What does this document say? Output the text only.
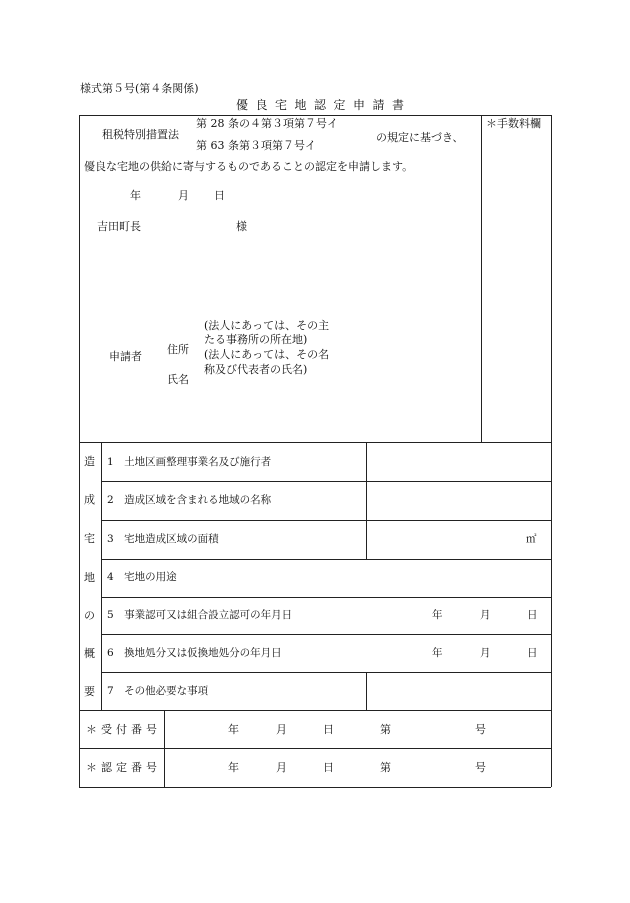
様式第５号(第４条関係)
優良宅地認定申請書
租税特別措置法
第 28 条の４第３項第７号イ
第 63 条第３項第７号イ
の規定に基づき、
優良な宅地の供給に寄与するものであることの認定を申請します。
年	月 日
吉田町長	様
申請者
住所
氏名
(法人にあっては、その主
たる事務所の所在地)
(法人にあっては、その名
称及び代表者の氏名)
＊手数料欄
造
成
宅
地
の
概
要
1　土地区画整理事業名及び施行者
2　造成区域を含まれる地域の名称
3　宅地造成区域の面積	㎡
4　宅地の用途
5　事業認可又は組合設立認可の年月日	年	月	日
6　換地処分又は仮換地処分の年月日	年	月	日
7　その他必要な事項
＊受付番号	年	月	日	第	号
＊認定番号	年	月	日	第	号
